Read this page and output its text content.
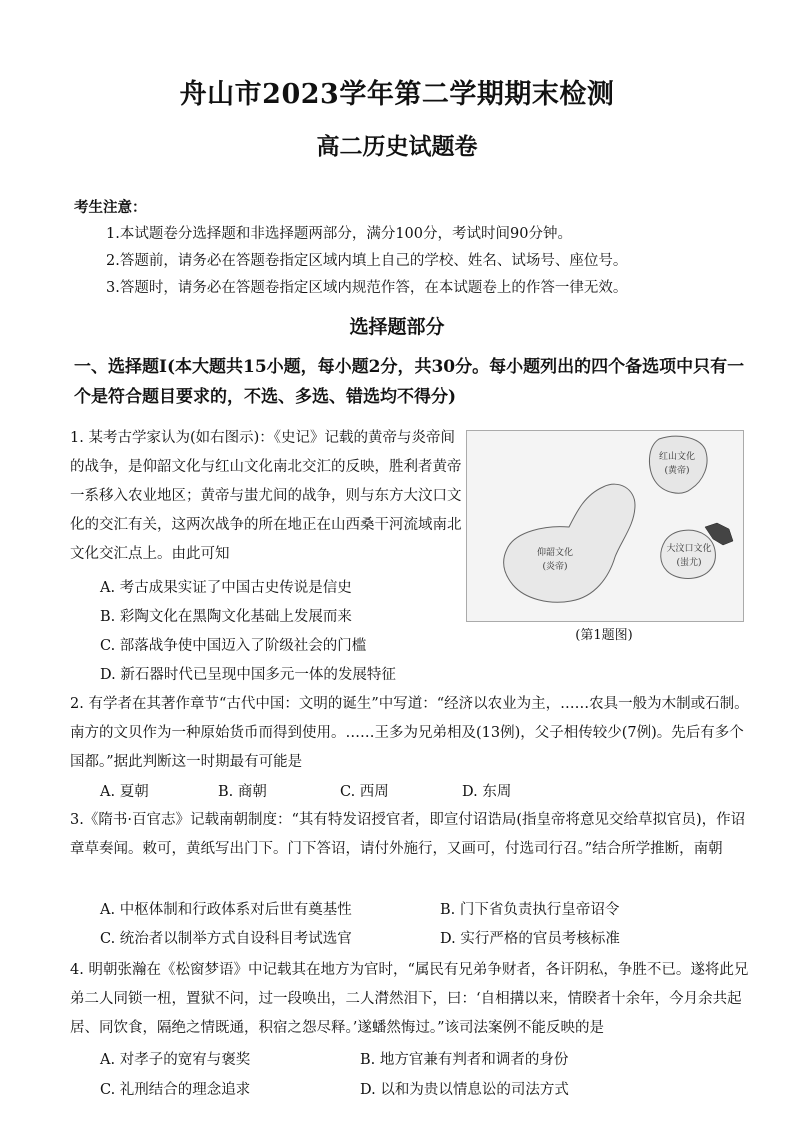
舟山市2023学年第二学期期末检测
高二历史试题卷
考生注意：
1.本试题卷分选择题和非选择题两部分，满分100分，考试时间90分钟。
2.答题前，请务必在答题卷指定区域内填上自己的学校、姓名、试场号、座位号。
3.答题时，请务必在答题卷指定区域内规范作答，在本试题卷上的作答一律无效。
选择题部分
一、选择题Ⅰ(本大题共15小题，每小题2分，共30分。每小题列出的四个备选项中只有一个是符合题目要求的，不选、多选、错选均不得分)
1. 某考古学家认为(如右图示)：《史记》记载的黄帝与炎帝间的战争，是仰韶文化与红山文化南北交汇的反映，胜利者黄帝一系移入农业地区；黄帝与蚩尤间的战争，则与东方大汶口文化的交汇有关，这两次战争的所在地正在山西桑干河流域南北文化交汇点上。由此可知
红山文化
(黄帝)
仰韶文化
(炎帝)
大汶口文化
(蚩尤)
(第1题图)
A. 考古成果实证了中国古史传说是信史
B. 彩陶文化在黑陶文化基础上发展而来
C. 部落战争使中国迈入了阶级社会的门槛
D. 新石器时代已呈现中国多元一体的发展特征
2. 有学者在其著作章节“古代中国：文明的诞生”中写道：“经济以农业为主，……农具一般为木制或石制。南方的文贝作为一种原始货币而得到使用。……王多为兄弟相及(13例)，父子相传较少(7例)。先后有多个国都。”据此判断这一时期最有可能是
A. 夏朝	B. 商朝	C. 西周	D. 东周
3.《隋书·百官志》记载南朝制度：“其有特发诏授官者，即宣付诏诰局(指皇帝将意见交给草拟官员)，作诏章草奏闻。敕可，黄纸写出门下。门下答诏，请付外施行，又画可，付选司行召。”结合所学推断，南朝
A. 中枢体制和行政体系对后世有奠基性	B. 门下省负责执行皇帝诏令
C. 统治者以制举方式自设科目考试选官	D. 实行严格的官员考核标准
4. 明朝张瀚在《松窗梦语》中记载其在地方为官时，“属民有兄弟争财者，各讦阴私，争胜不已。遂将此兄弟二人同锁一杻，置狱不问，过一段唤出，二人潸然泪下，曰：‘自相搆以来，情睽者十余年，今月余共起居、同饮食，隔绝之情既通，积宿之怨尽释。’遂蟠然悔过。”该司法案例不能反映的是
A. 对孝子的宽宥与褒奖	B. 地方官兼有判者和调者的身份
C. 礼刑结合的理念追求	D. 以和为贵以情息讼的司法方式
